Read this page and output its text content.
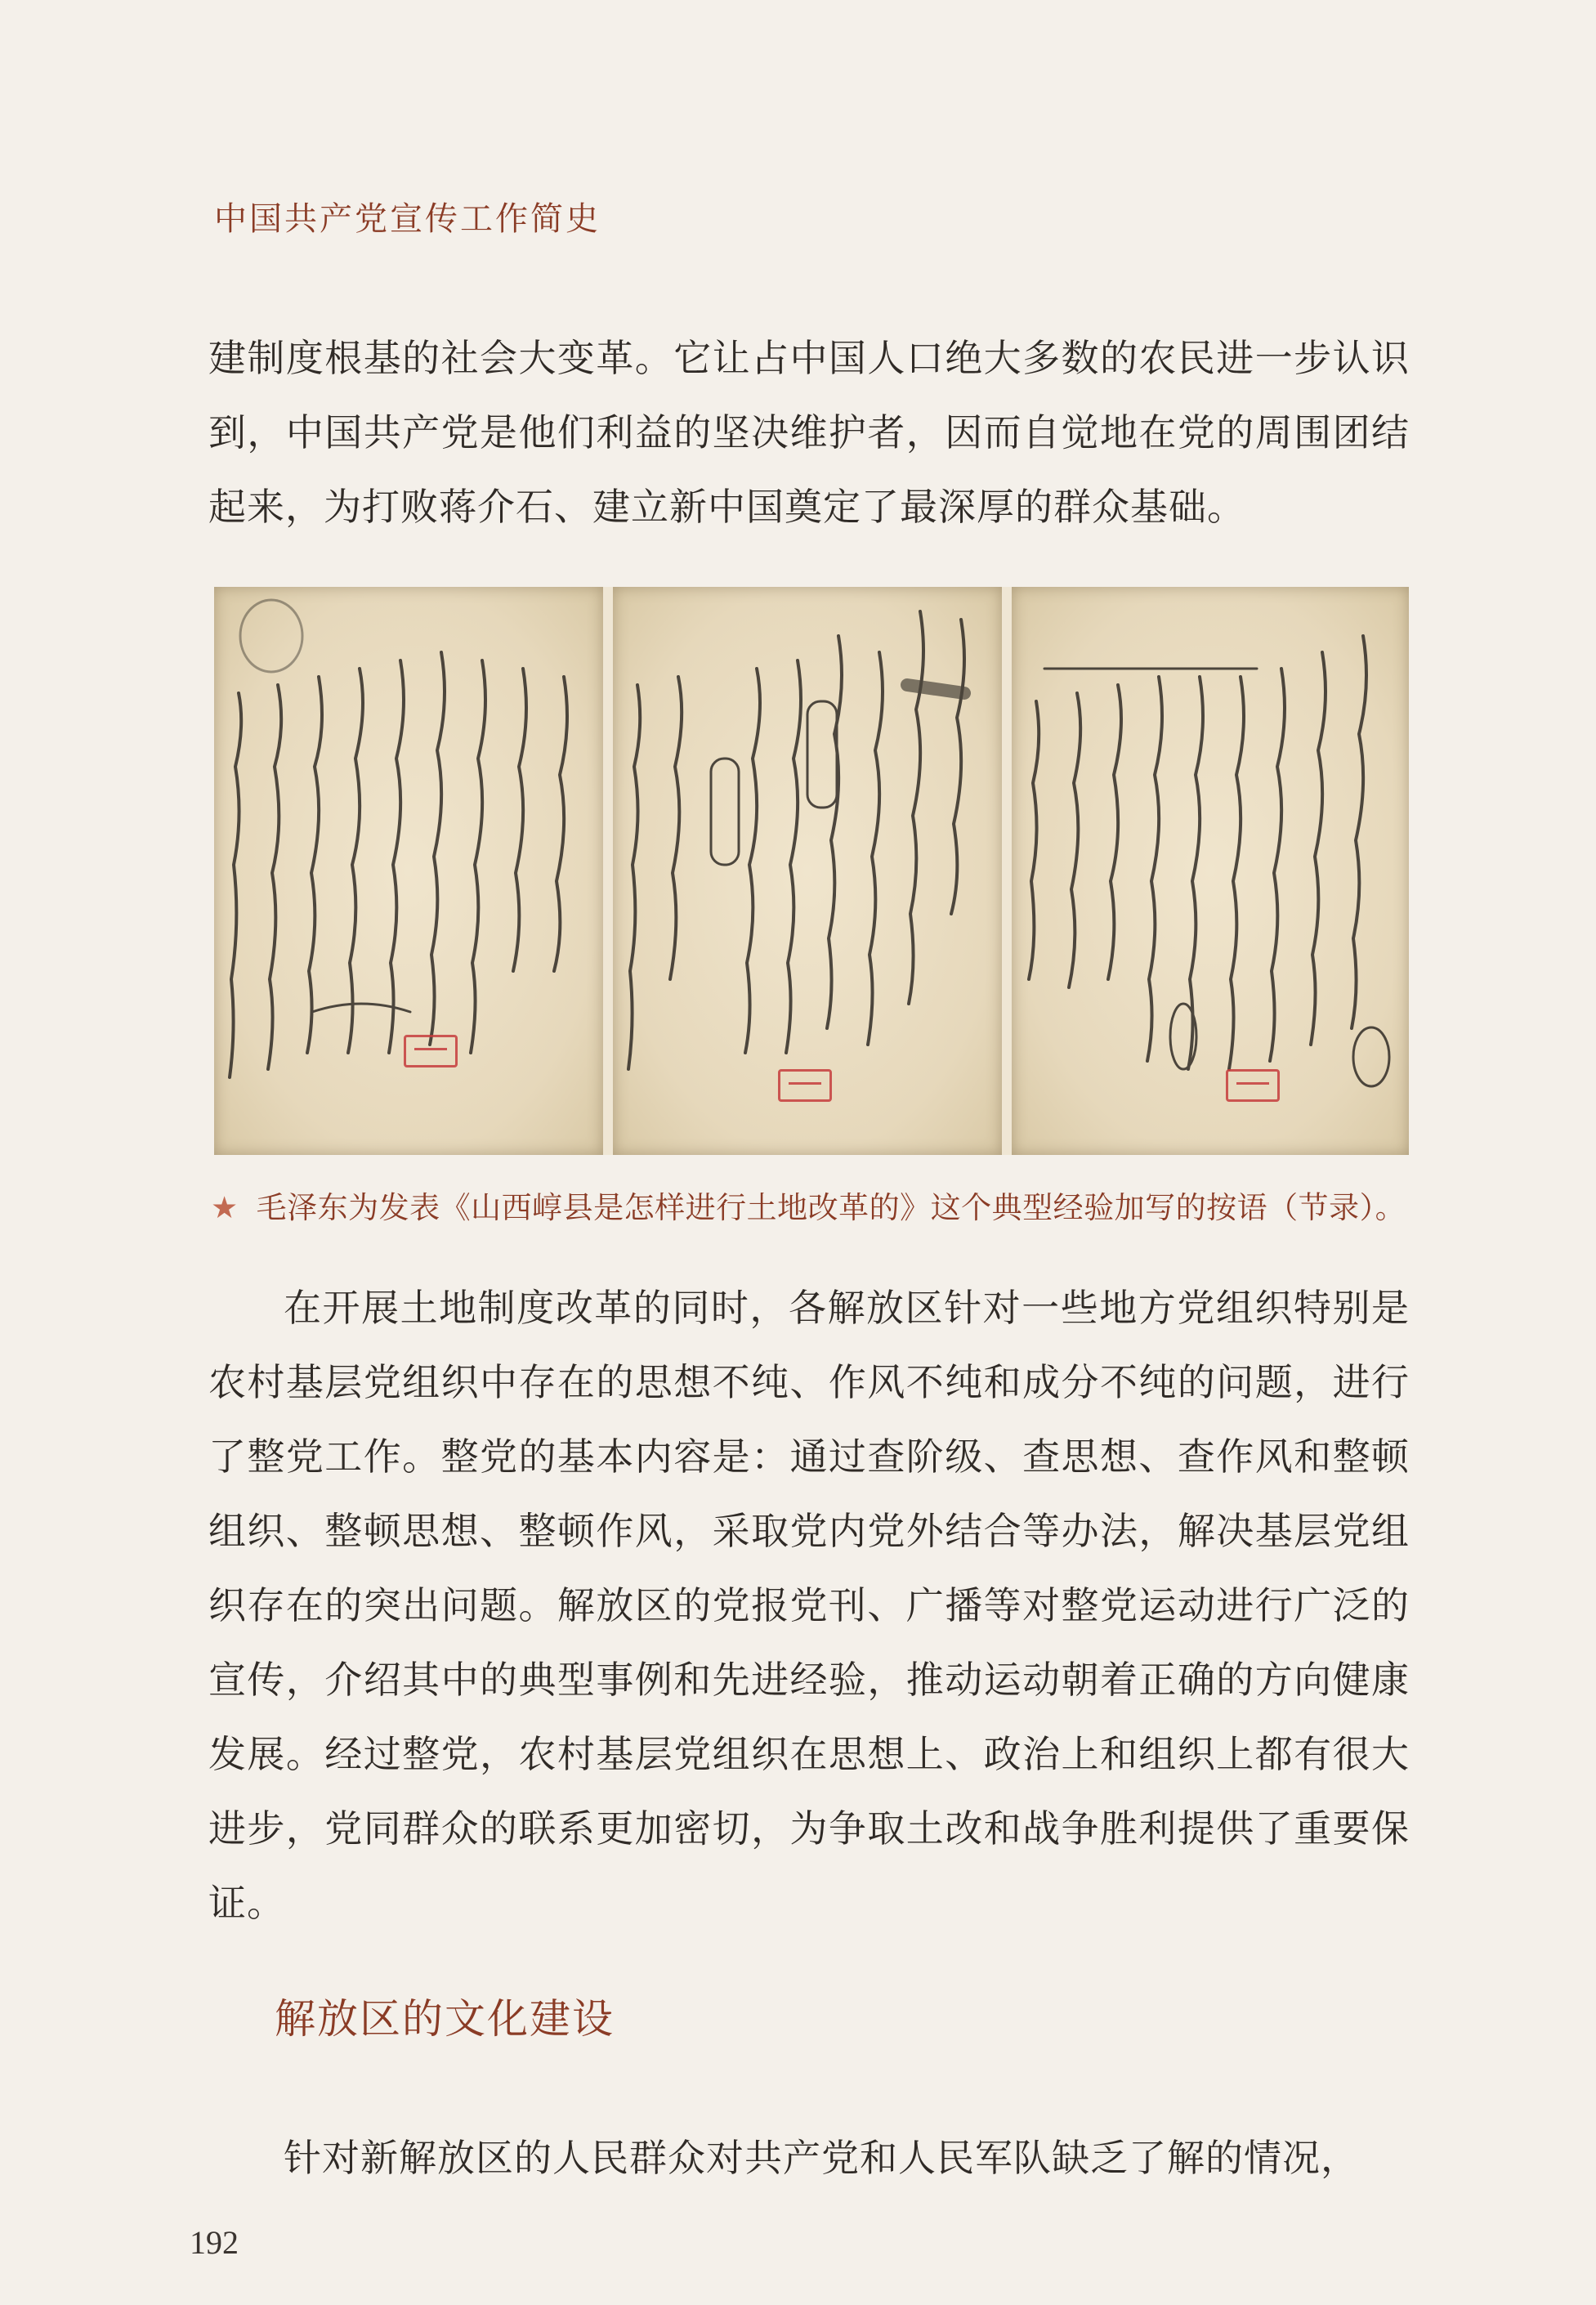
中国共产党宣传工作简史

建制度根基的社会大变革。它让占中国人口绝大多数的农民进一步认识到，中国共产党是他们利益的坚决维护者，因而自觉地在党的周围团结起来，为打败蒋介石、建立新中国奠定了最深厚的群众基础。

★ 毛泽东为发表《山西崞县是怎样进行土地改革的》这个典型经验加写的按语（节录）。

在开展土地制度改革的同时，各解放区针对一些地方党组织特别是农村基层党组织中存在的思想不纯、作风不纯和成分不纯的问题，进行了整党工作。整党的基本内容是：通过查阶级、查思想、查作风和整顿组织、整顿思想、整顿作风，采取党内党外结合等办法，解决基层党组织存在的突出问题。解放区的党报党刊、广播等对整党运动进行广泛的宣传，介绍其中的典型事例和先进经验，推动运动朝着正确的方向健康发展。经过整党，农村基层党组织在思想上、政治上和组织上都有很大进步，党同群众的联系更加密切，为争取土改和战争胜利提供了重要保证。

解放区的文化建设

针对新解放区的人民群众对共产党和人民军队缺乏了解的情况，

192
